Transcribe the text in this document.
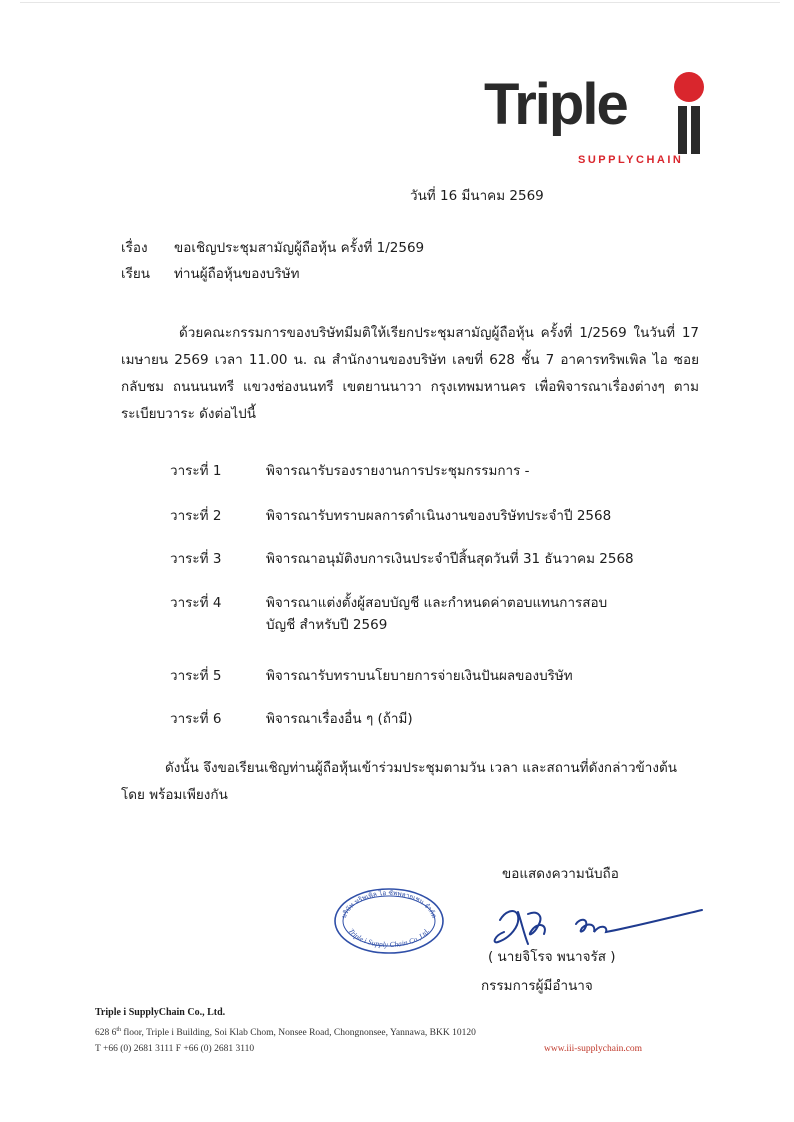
Triple
SUPPLYCHAIN
วันที่ 16 มีนาคม 2569
เรื่อง ขอเชิญประชุมสามัญผู้ถือหุ้น ครั้งที่ 1/2569
เรียน ท่านผู้ถือหุ้นของบริษัท
ด้วยคณะกรรมการของบริษัทมีมติให้เรียกประชุมสามัญผู้ถือหุ้น ครั้งที่ 1/2569 ในวันที่ 17 เมษายน 2569 เวลา 11.00 น. ณ สำนักงานของบริษัท เลขที่ 628 ชั้น 7 อาคารทริพเพิล ไอ ซอยกลับชม ถนนนนทรี แขวงช่องนนทรี เขตยานนาวา กรุงเทพมหานคร เพื่อพิจารณาเรื่องต่างๆ ตามระเบียบวาระ ดังต่อไปนี้
วาระที่ 1	พิจารณารับรองรายงานการประชุมกรรมการ -
วาระที่ 2	พิจารณารับทราบผลการดำเนินงานของบริษัทประจำปี 2568
วาระที่ 3	พิจารณาอนุมัติงบการเงินประจำปีสิ้นสุดวันที่ 31 ธันวาคม 2568
วาระที่ 4	พิจารณาแต่งตั้งผู้สอบบัญชี และกำหนดค่าตอบแทนการสอบบัญชี สำหรับปี 2569
วาระที่ 5	พิจารณารับทราบนโยบายการจ่ายเงินปันผลของบริษัท
วาระที่ 6	พิจารณาเรื่องอื่น ๆ (ถ้ามี)
ดังนั้น จึงขอเรียนเชิญท่านผู้ถือหุ้นเข้าร่วมประชุมตามวัน เวลา และสถานที่ดังกล่าวข้างต้นโดย พร้อมเพียงกัน
ขอแสดงความนับถือ
บริษัท ทริพเพิล ไอ ซัพพลายเชน จำกัด
Triple i Supply Chain Co.,Ltd.
( นายจิโรจ พนาจรัส )
กรรมการผู้มีอำนาจ
Triple i SupplyChain Co., Ltd.
628 6th floor, Triple i Building, Soi Klab Chom, Nonsee Road, Chongnonsee, Yannawa, BKK 10120
T +66 (0) 2681 3111 F +66 (0) 2681 3110	www.iii-supplychain.com
